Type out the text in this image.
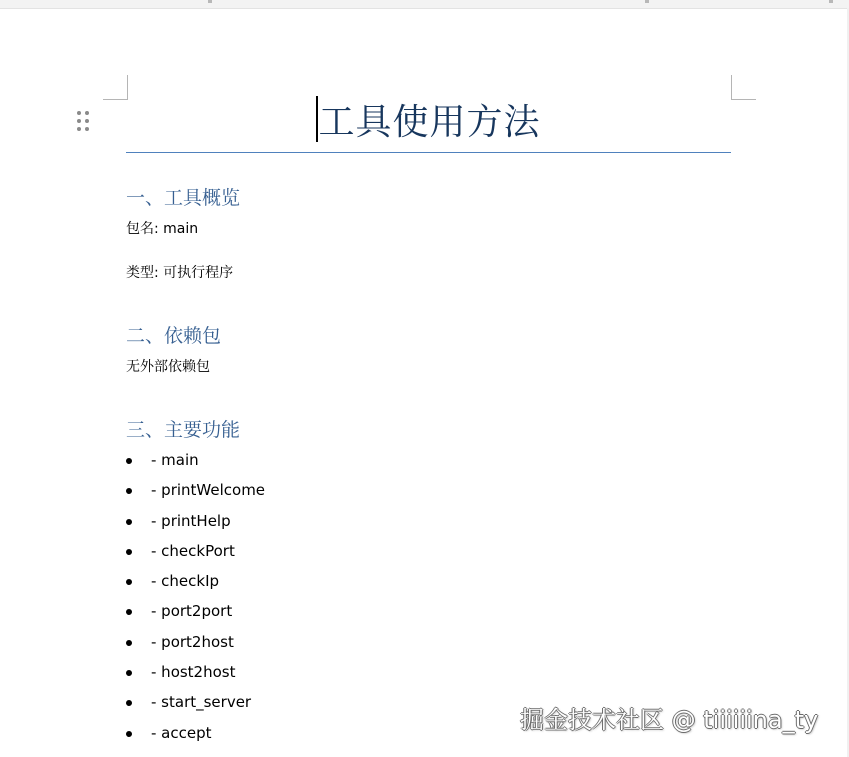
工具使用方法
一、工具概览
包名: main
类型: 可执行程序
二、依赖包
无外部依赖包
三、主要功能
- main
- printWelcome
- printHelp
- checkPort
- checkIp
- port2port
- port2host
- host2host
- start_server
- accept	掘金技术社区 @ tiiiiiina_ty
